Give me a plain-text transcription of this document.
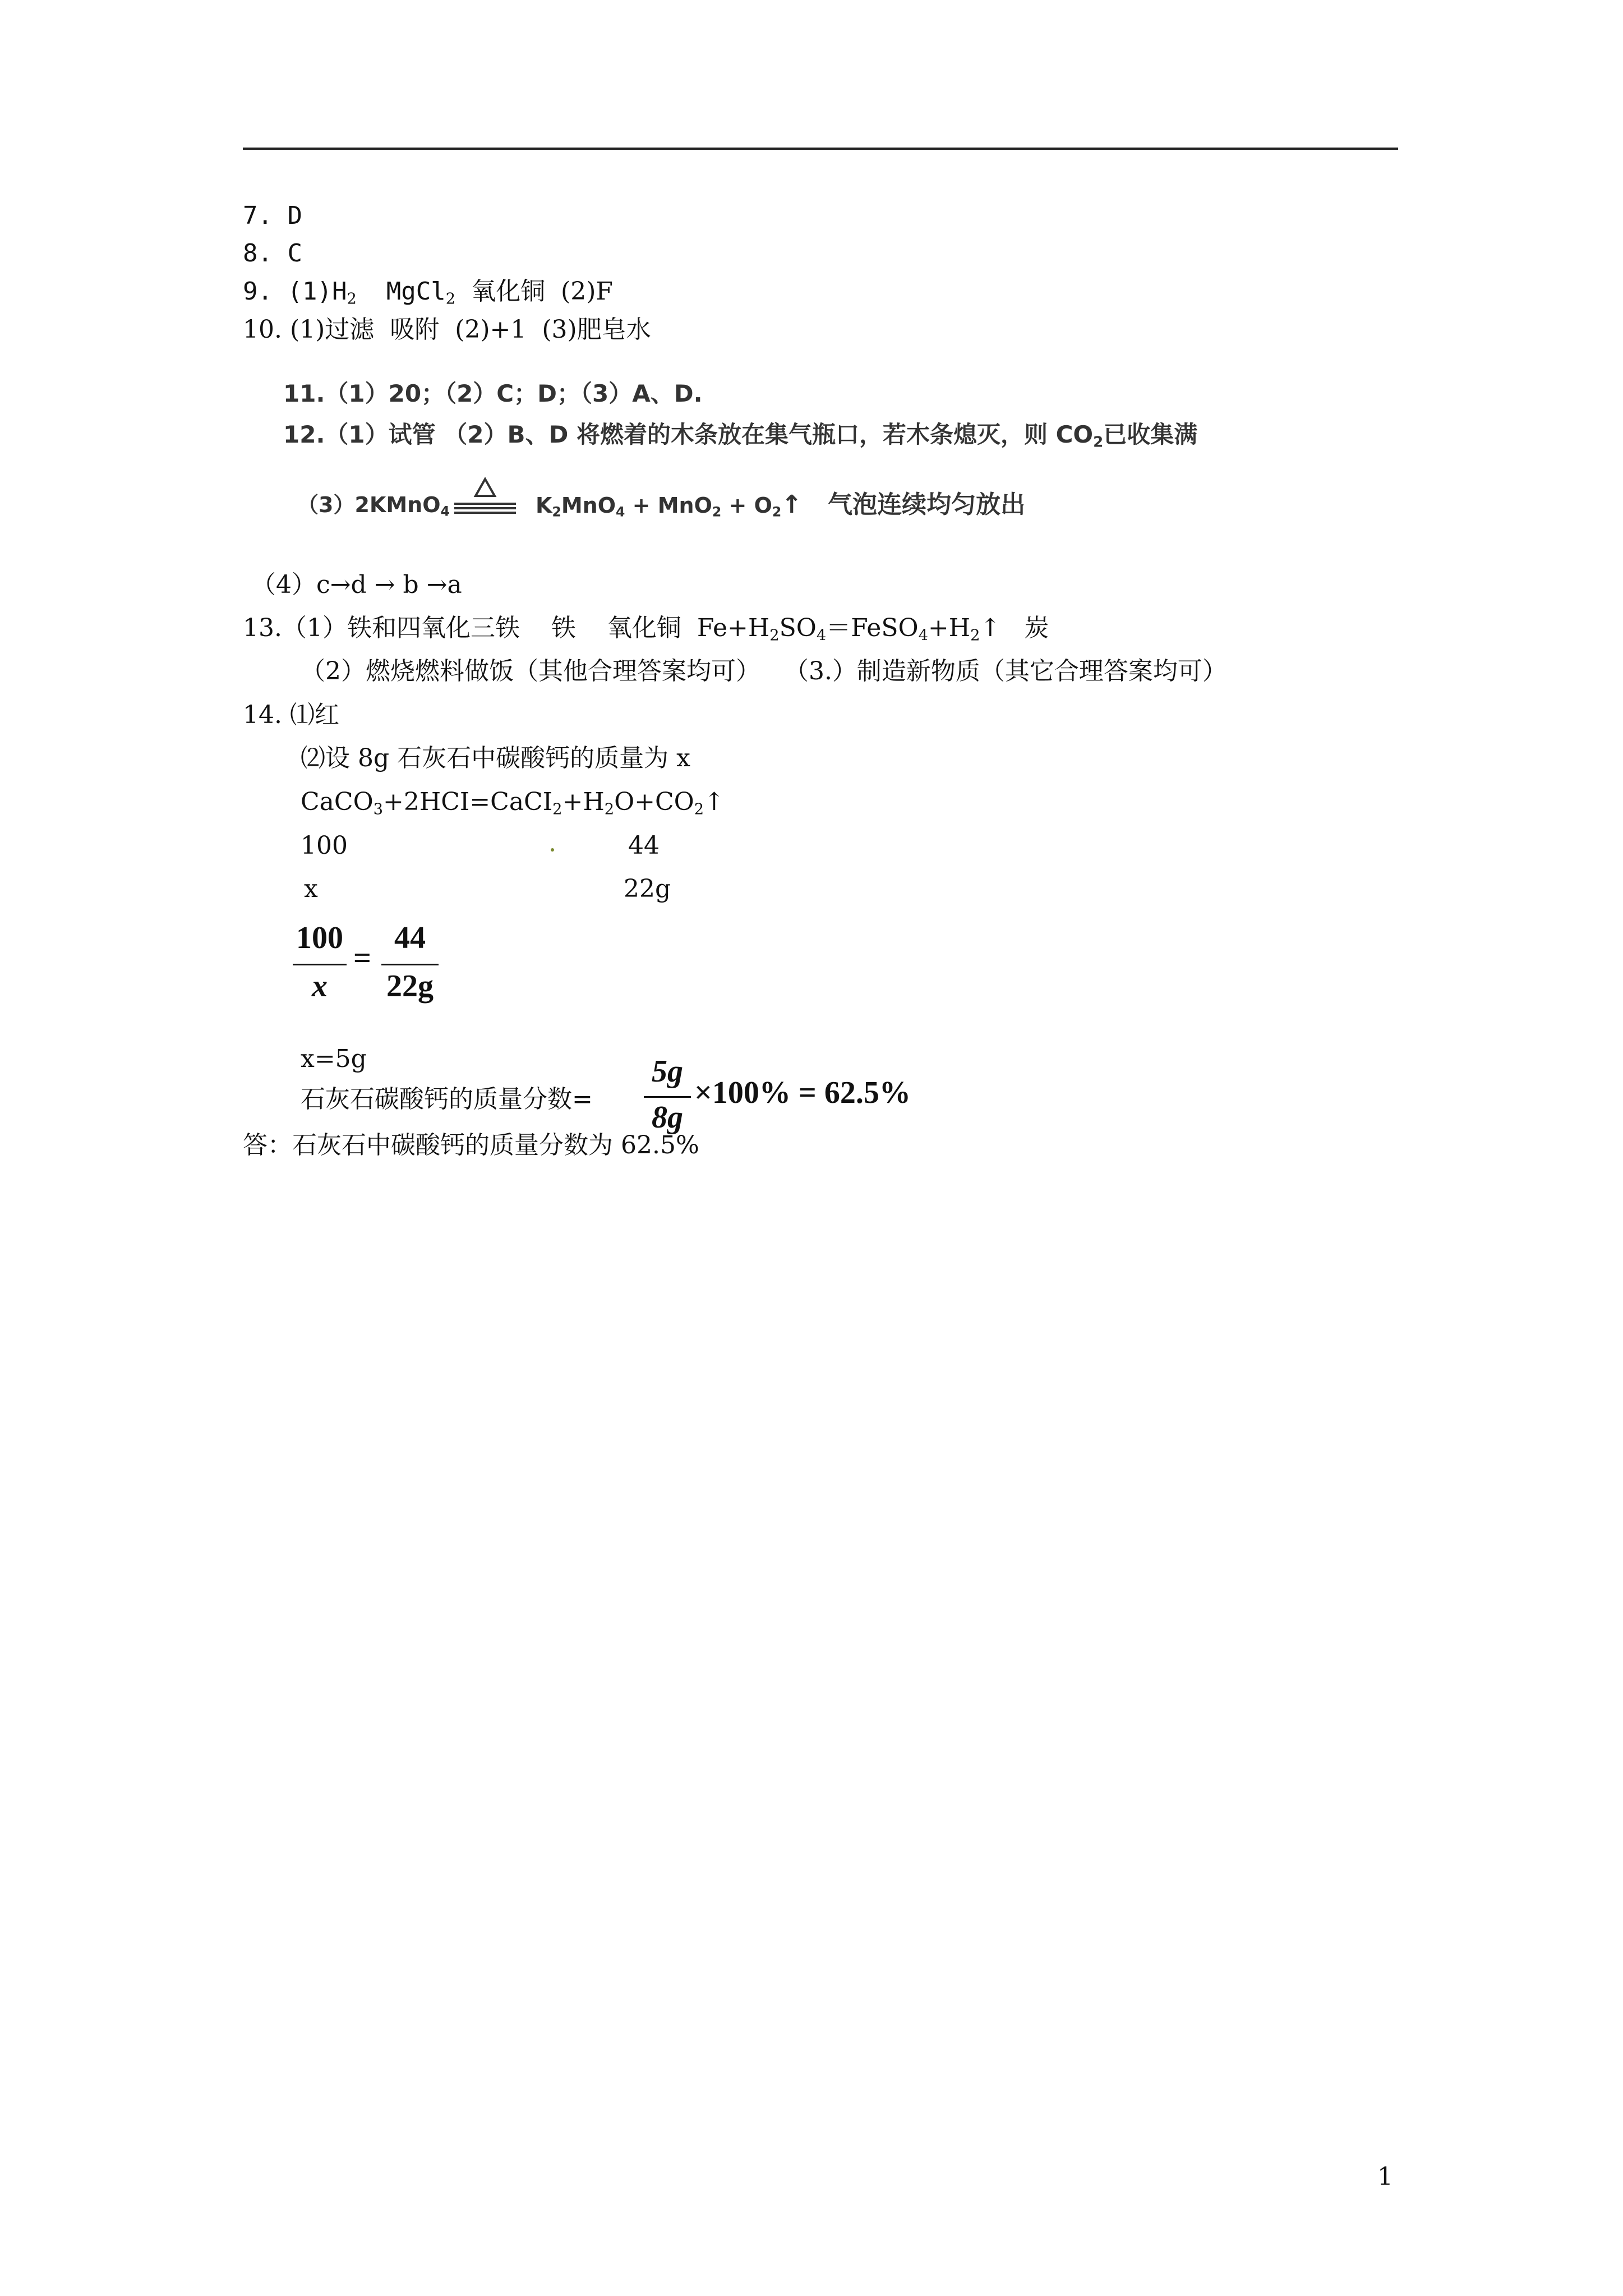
7. D
8. C
9. $(1)H_2$  MgCl$_2$  氧化铜  (2)F
10. (1)过滤  吸附  (2)+1  (3)肥皂水
11.（1）20；（2）C；D；（3）A、D.
12.（1）试管 （2）B、D 将燃着的木条放在集气瓶口，若木条熄灭，则 $CO_2$已收集满
（3）2KMnO$_4$	$K_2MnO_4 + MnO_2$ + $O_2↑$   气泡连续均匀放出
（4）c→d → b →a
13.（1）铁和四氧化三铁    铁    氧化铜  $Fe+H_2SO_4=FeSO_4+H_2↑$   炭
（2）燃烧燃料做饭（其他合理答案均可）   （3.）制造新物质（其它合理答案均可）
14. ⑴红
⑵设 8g 石灰石中碳酸钙的质量为 x
$CaCO_3+2HCI=CaCI_2+H_2O+CO_2↑$
100	44
x	22g
100
x
=
44
22g
x=5g
石灰石碳酸钙的质量分数=
5g
8g
×100% = 62.5%
答：石灰石中碳酸钙的质量分数为 62.5%
1
